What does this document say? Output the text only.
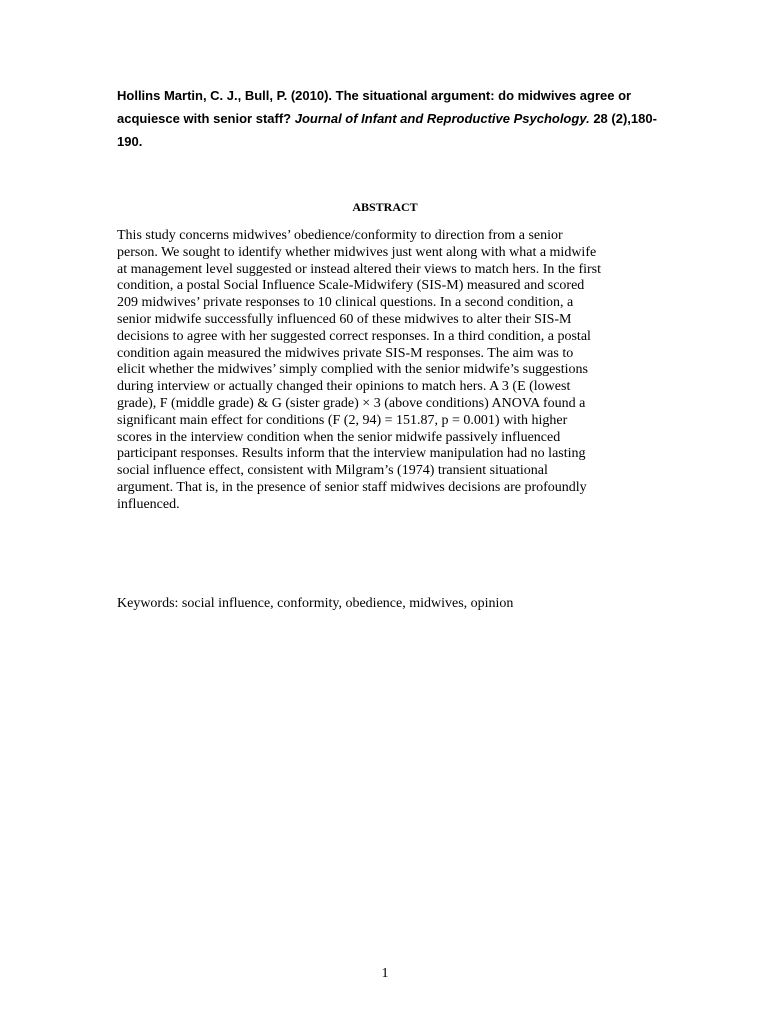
Hollins Martin, C. J., Bull, P. (2010). The situational argument: do midwives agree or acquiesce with senior staff? Journal of Infant and Reproductive Psychology. 28 (2),180-190.
ABSTRACT
This study concerns midwives’ obedience/conformity to direction from a senior
person. We sought to identify whether midwives just went along with what a midwife
at management level suggested or instead altered their views to match hers. In the first
condition, a postal Social Influence Scale-Midwifery (SIS-M) measured and scored
209 midwives’ private responses to 10 clinical questions. In a second condition, a
senior midwife successfully influenced 60 of these midwives to alter their SIS-M
decisions to agree with her suggested correct responses. In a third condition, a postal
condition again measured the midwives private SIS-M responses. The aim was to
elicit whether the midwives’ simply complied with the senior midwife’s suggestions
during interview or actually changed their opinions to match hers. A 3 (E (lowest
grade), F (middle grade) & G (sister grade) × 3 (above conditions) ANOVA found a
significant main effect for conditions (F (2, 94) = 151.87, p = 0.001) with higher
scores in the interview condition when the senior midwife passively influenced
participant responses. Results inform that the interview manipulation had no lasting
social influence effect, consistent with Milgram’s (1974) transient situational
argument. That is, in the presence of senior staff midwives decisions are profoundly
influenced.
Keywords: social influence, conformity, obedience, midwives, opinion
1
